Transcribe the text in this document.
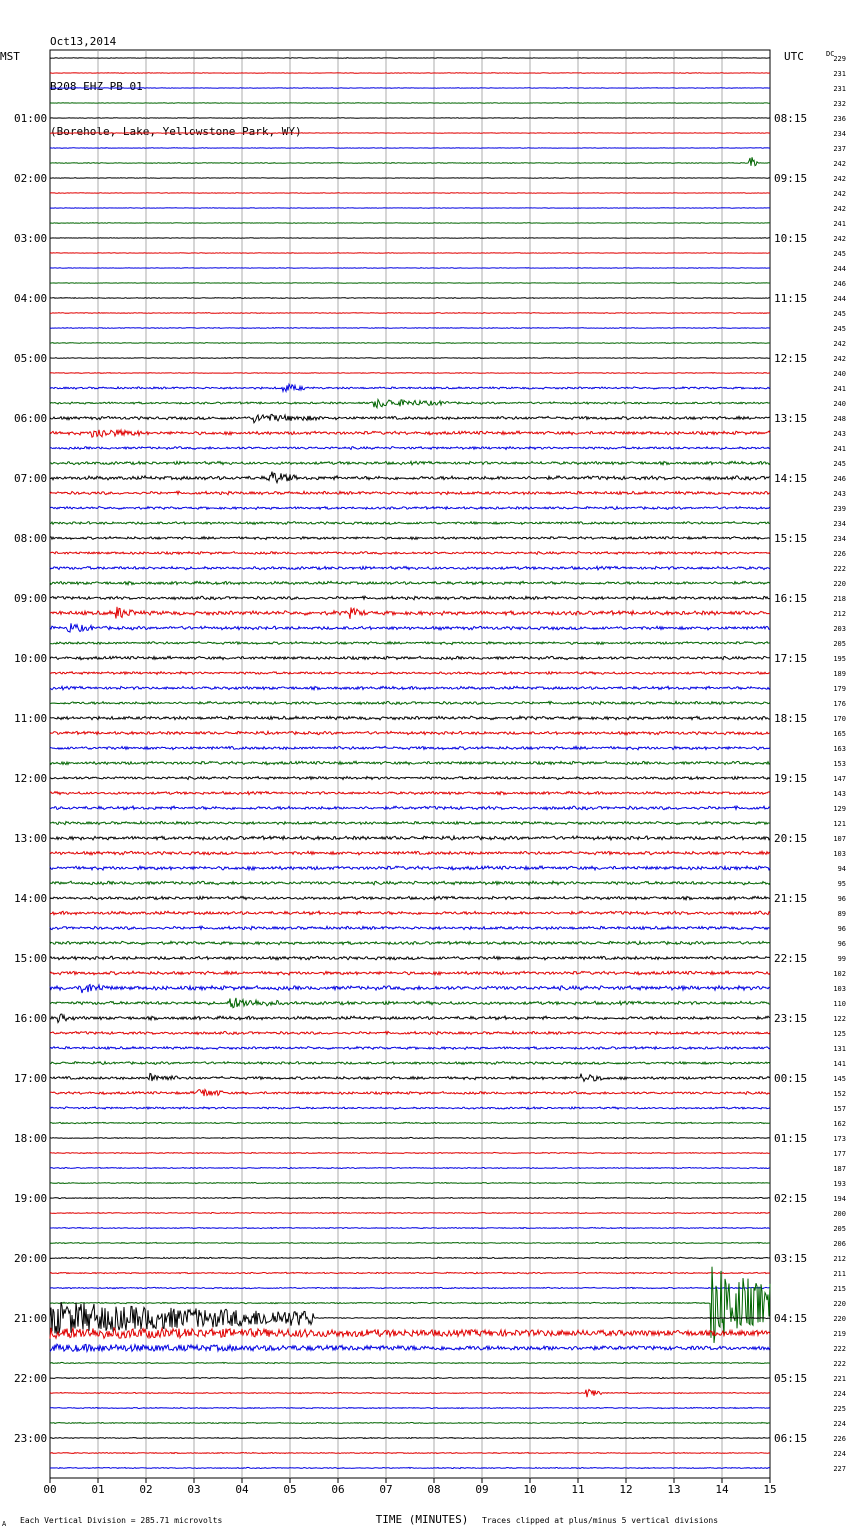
Oct13,2014

B208 EHZ PB 01

(Borehole, Lake, Yellowstone Park, WY)

MST	UTC	DC
01:00
02:00
03:00
04:00
05:00
06:00
07:00
08:00
09:00
10:00
11:00
12:00
13:00
14:00
15:00
16:00
17:00
18:00
19:00
20:00
21:00
22:00
23:00
08:15
09:15
10:15
11:15
12:15
13:15
14:15
15:15
16:15
17:15
18:15
19:15
20:15
21:15
22:15
23:15
00:15
01:15
02:15
03:15
04:15
05:15
06:15
229
231
231
232
236
234
237
242
242
242
242
241
242
245
244
246
244
245
245
242
242
240
241
240
248
243
241
245
246
243
239
234
234
226
222
220
218
212
203
205
195
189
179
176
170
165
163
153
147
143
129
121
107
103
94
95
96
89
96
96
99
102
103
110
122
125
131
141
145
152
157
162
173
177
187
193
194
200
205
206
212
211
215
220
220
219
222
222
221
224
225
224
226
224
227
00	01	02	03	04	05	06	07	08	09	10	11	12	13	14	15
TIME (MINUTES)
Each Vertical Division = 285.71 microvolts	Traces clipped at plus/minus 5 vertical divisions
A
